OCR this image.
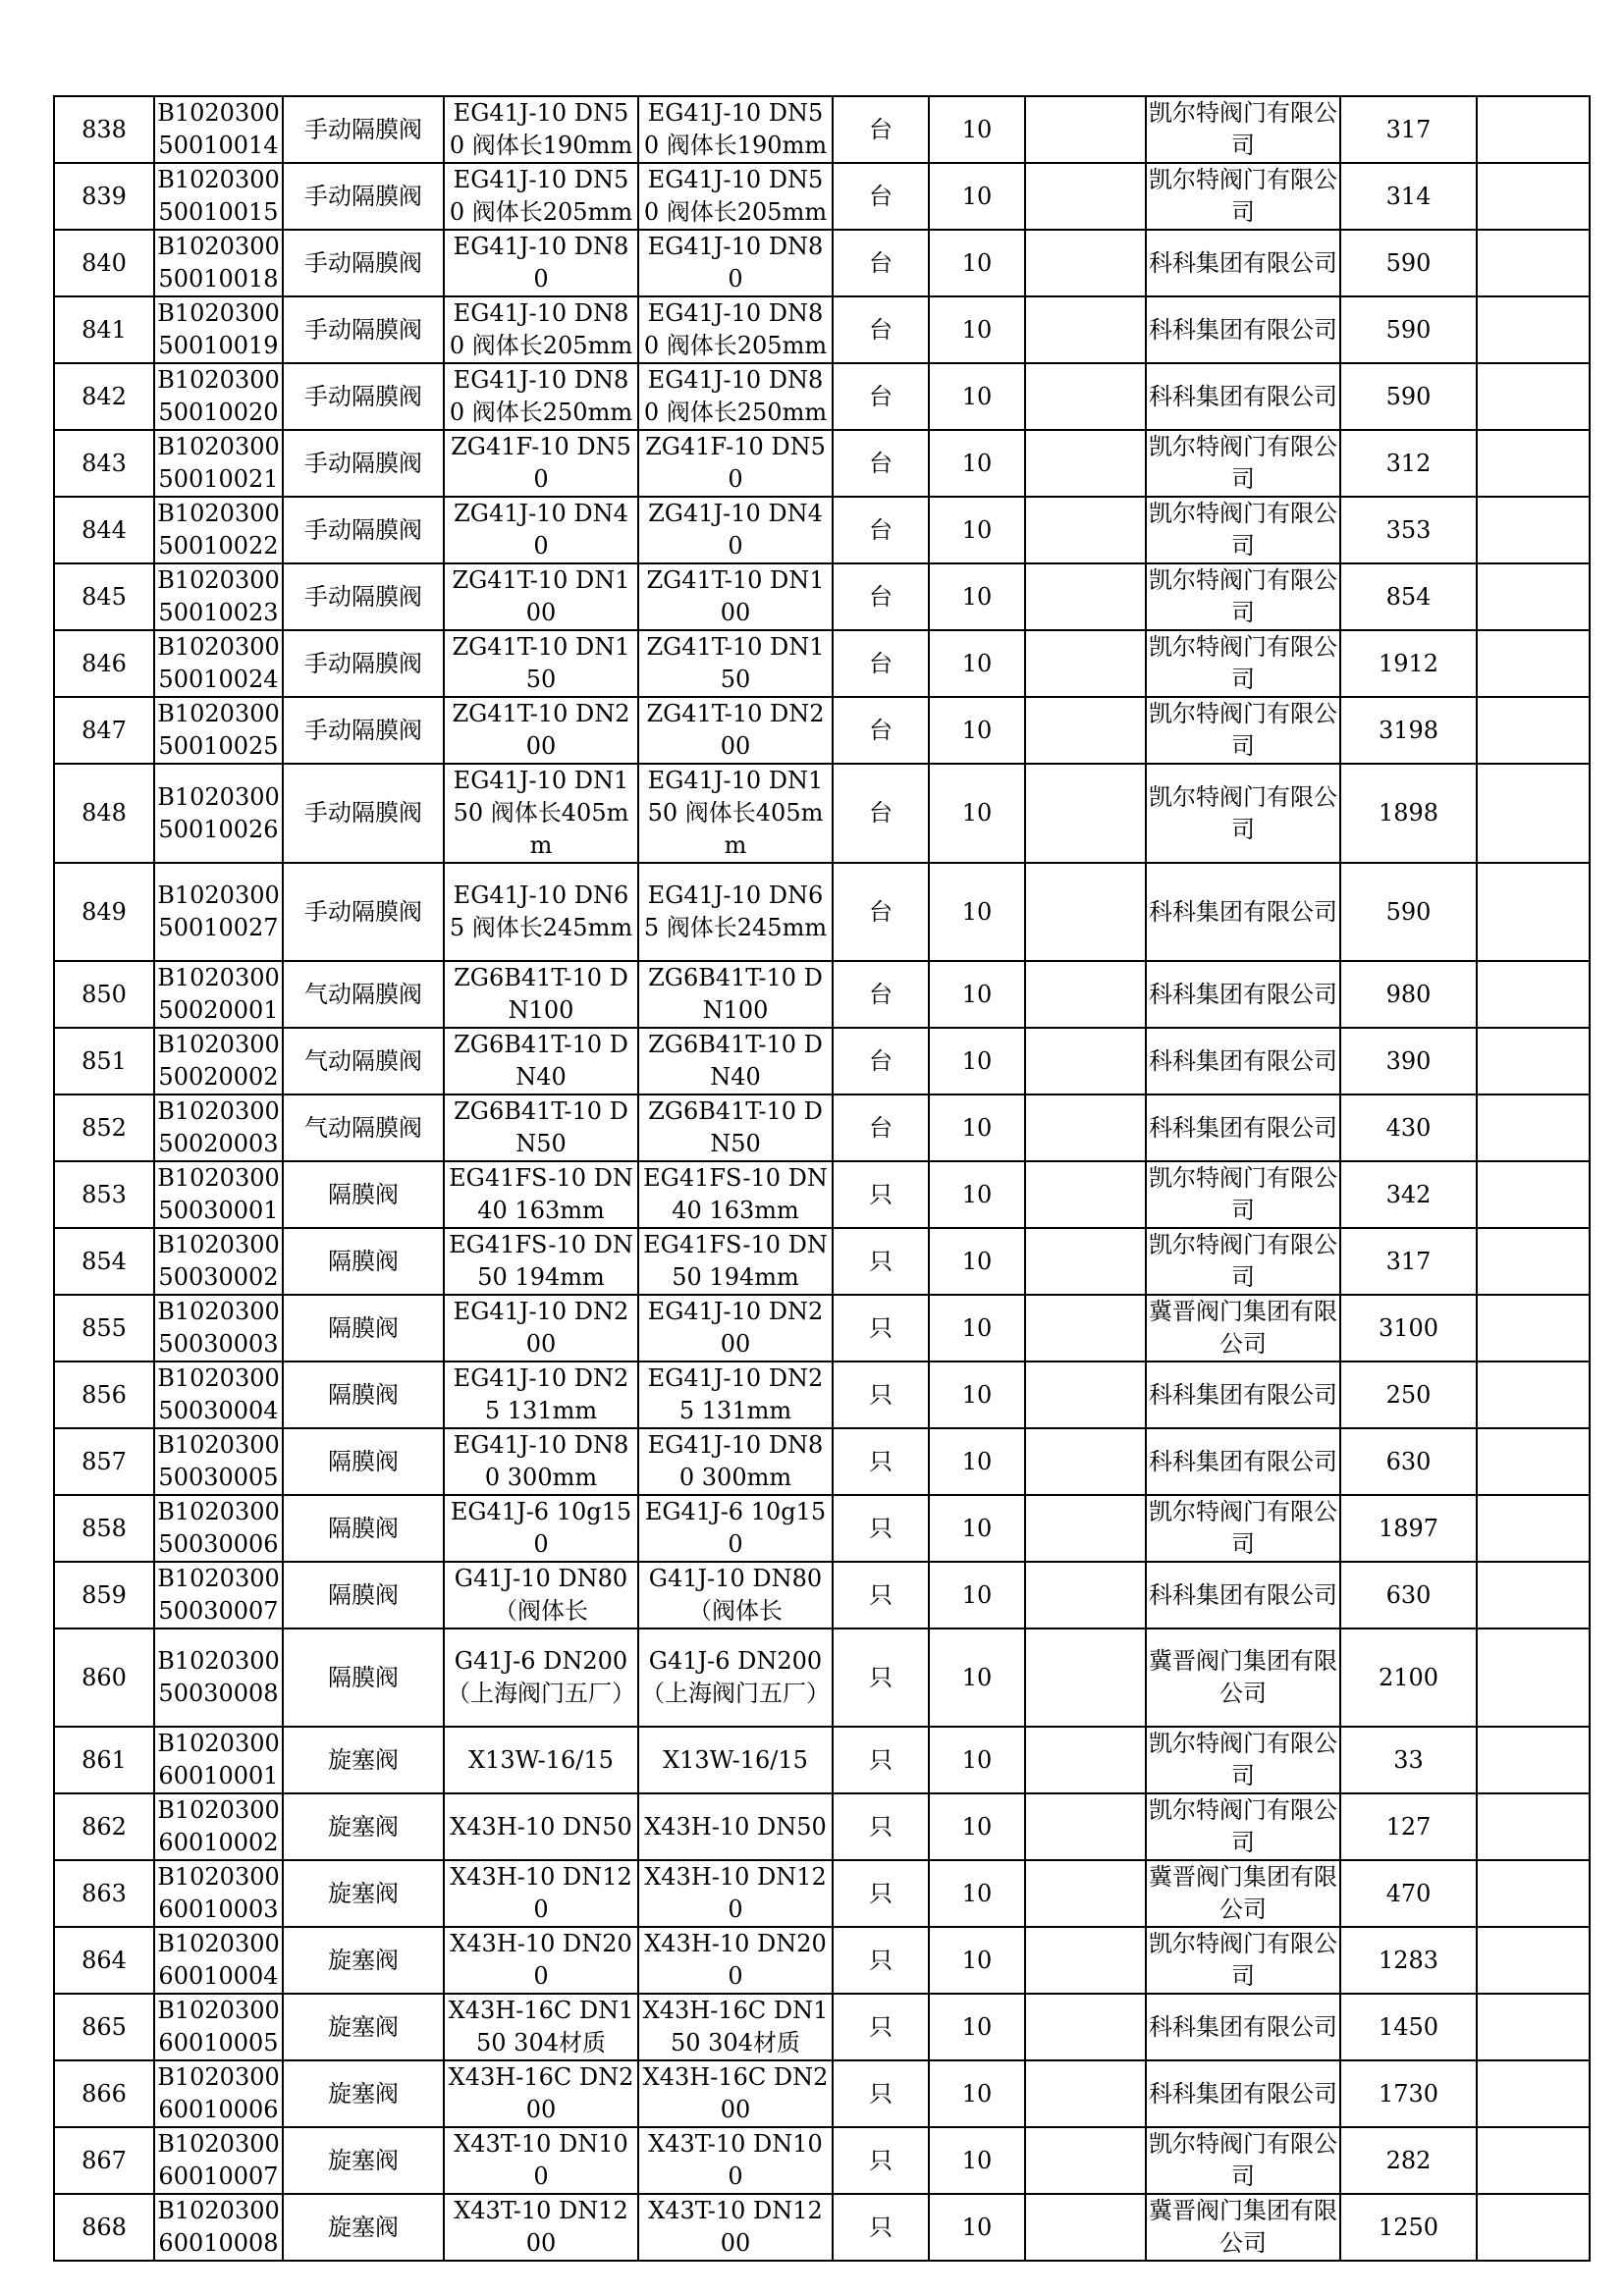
838	B1020300 50010014	手动隔膜阀	EG41J-10 DN50 阀体长190mm	EG41J-10 DN50 阀体长190mm	台	10		凯尔特阀门有限公司	317	
839	B1020300 50010015	手动隔膜阀	EG41J-10 DN50 阀体长205mm	EG41J-10 DN50 阀体长205mm	台	10		凯尔特阀门有限公司	314	
840	B1020300 50010018	手动隔膜阀	EG41J-10 DN80	EG41J-10 DN80	台	10		科科集团有限公司	590	
841	B1020300 50010019	手动隔膜阀	EG41J-10 DN80 阀体长205mm	EG41J-10 DN80 阀体长205mm	台	10		科科集团有限公司	590	
842	B1020300 50010020	手动隔膜阀	EG41J-10 DN80 阀体长250mm	EG41J-10 DN80 阀体长250mm	台	10		科科集团有限公司	590	
843	B1020300 50010021	手动隔膜阀	ZG41F-10 DN50	ZG41F-10 DN50	台	10		凯尔特阀门有限公司	312	
844	B1020300 50010022	手动隔膜阀	ZG41J-10 DN40	ZG41J-10 DN40	台	10		凯尔特阀门有限公司	353	
845	B1020300 50010023	手动隔膜阀	ZG41T-10 DN100	ZG41T-10 DN100	台	10		凯尔特阀门有限公司	854	
846	B1020300 50010024	手动隔膜阀	ZG41T-10 DN150	ZG41T-10 DN150	台	10		凯尔特阀门有限公司	1912	
847	B1020300 50010025	手动隔膜阀	ZG41T-10 DN200	ZG41T-10 DN200	台	10		凯尔特阀门有限公司	3198	
848	B1020300 50010026	手动隔膜阀	EG41J-10 DN150 阀体长405mm	EG41J-10 DN150 阀体长405mm	台	10		凯尔特阀门有限公司	1898	
849	B1020300 50010027	手动隔膜阀	EG41J-10 DN65 阀体长245mm	EG41J-10 DN65 阀体长245mm	台	10		科科集团有限公司	590	
850	B1020300 50020001	气动隔膜阀	ZG6B41T-10 DN100	ZG6B41T-10 DN100	台	10		科科集团有限公司	980	
851	B1020300 50020002	气动隔膜阀	ZG6B41T-10 DN40	ZG6B41T-10 DN40	台	10		科科集团有限公司	390	
852	B1020300 50020003	气动隔膜阀	ZG6B41T-10 DN50	ZG6B41T-10 DN50	台	10		科科集团有限公司	430	
853	B1020300 50030001	隔膜阀	EG41FS-10 DN40 163mm	EG41FS-10 DN40 163mm	只	10		凯尔特阀门有限公司	342	
854	B1020300 50030002	隔膜阀	EG41FS-10 DN50 194mm	EG41FS-10 DN50 194mm	只	10		凯尔特阀门有限公司	317	
855	B1020300 50030003	隔膜阀	EG41J-10 DN200	EG41J-10 DN200	只	10		冀晋阀门集团有限公司	3100	
856	B1020300 50030004	隔膜阀	EG41J-10 DN25 131mm	EG41J-10 DN25 131mm	只	10		科科集团有限公司	250	
857	B1020300 50030005	隔膜阀	EG41J-10 DN80 300mm	EG41J-10 DN80 300mm	只	10		科科集团有限公司	630	
858	B1020300 50030006	隔膜阀	EG41J-6 10g150	EG41J-6 10g150	只	10		凯尔特阀门有限公司	1897	
859	B1020300 50030007	隔膜阀	G41J-10 DN80 （阀体长	G41J-10 DN80 （阀体长	只	10		科科集团有限公司	630	
860	B1020300 50030008	隔膜阀	G41J-6 DN200 （上海阀门五厂）	G41J-6 DN200 （上海阀门五厂）	只	10		冀晋阀门集团有限公司	2100	
861	B1020300 60010001	旋塞阀	X13W-16/15	X13W-16/15	只	10		凯尔特阀门有限公司	33	
862	B1020300 60010002	旋塞阀	X43H-10 DN50	X43H-10 DN50	只	10		凯尔特阀门有限公司	127	
863	B1020300 60010003	旋塞阀	X43H-10 DN120	X43H-10 DN120	只	10		冀晋阀门集团有限公司	470	
864	B1020300 60010004	旋塞阀	X43H-10 DN200	X43H-10 DN200	只	10		凯尔特阀门有限公司	1283	
865	B1020300 60010005	旋塞阀	X43H-16C DN150 304材质	X43H-16C DN150 304材质	只	10		科科集团有限公司	1450	
866	B1020300 60010006	旋塞阀	X43H-16C DN200	X43H-16C DN200	只	10		科科集团有限公司	1730	
867	B1020300 60010007	旋塞阀	X43T-10 DN100	X43T-10 DN100	只	10		凯尔特阀门有限公司	282	
868	B1020300 60010008	旋塞阀	X43T-10 DN1200	X43T-10 DN1200	只	10		冀晋阀门集团有限公司	1250	
